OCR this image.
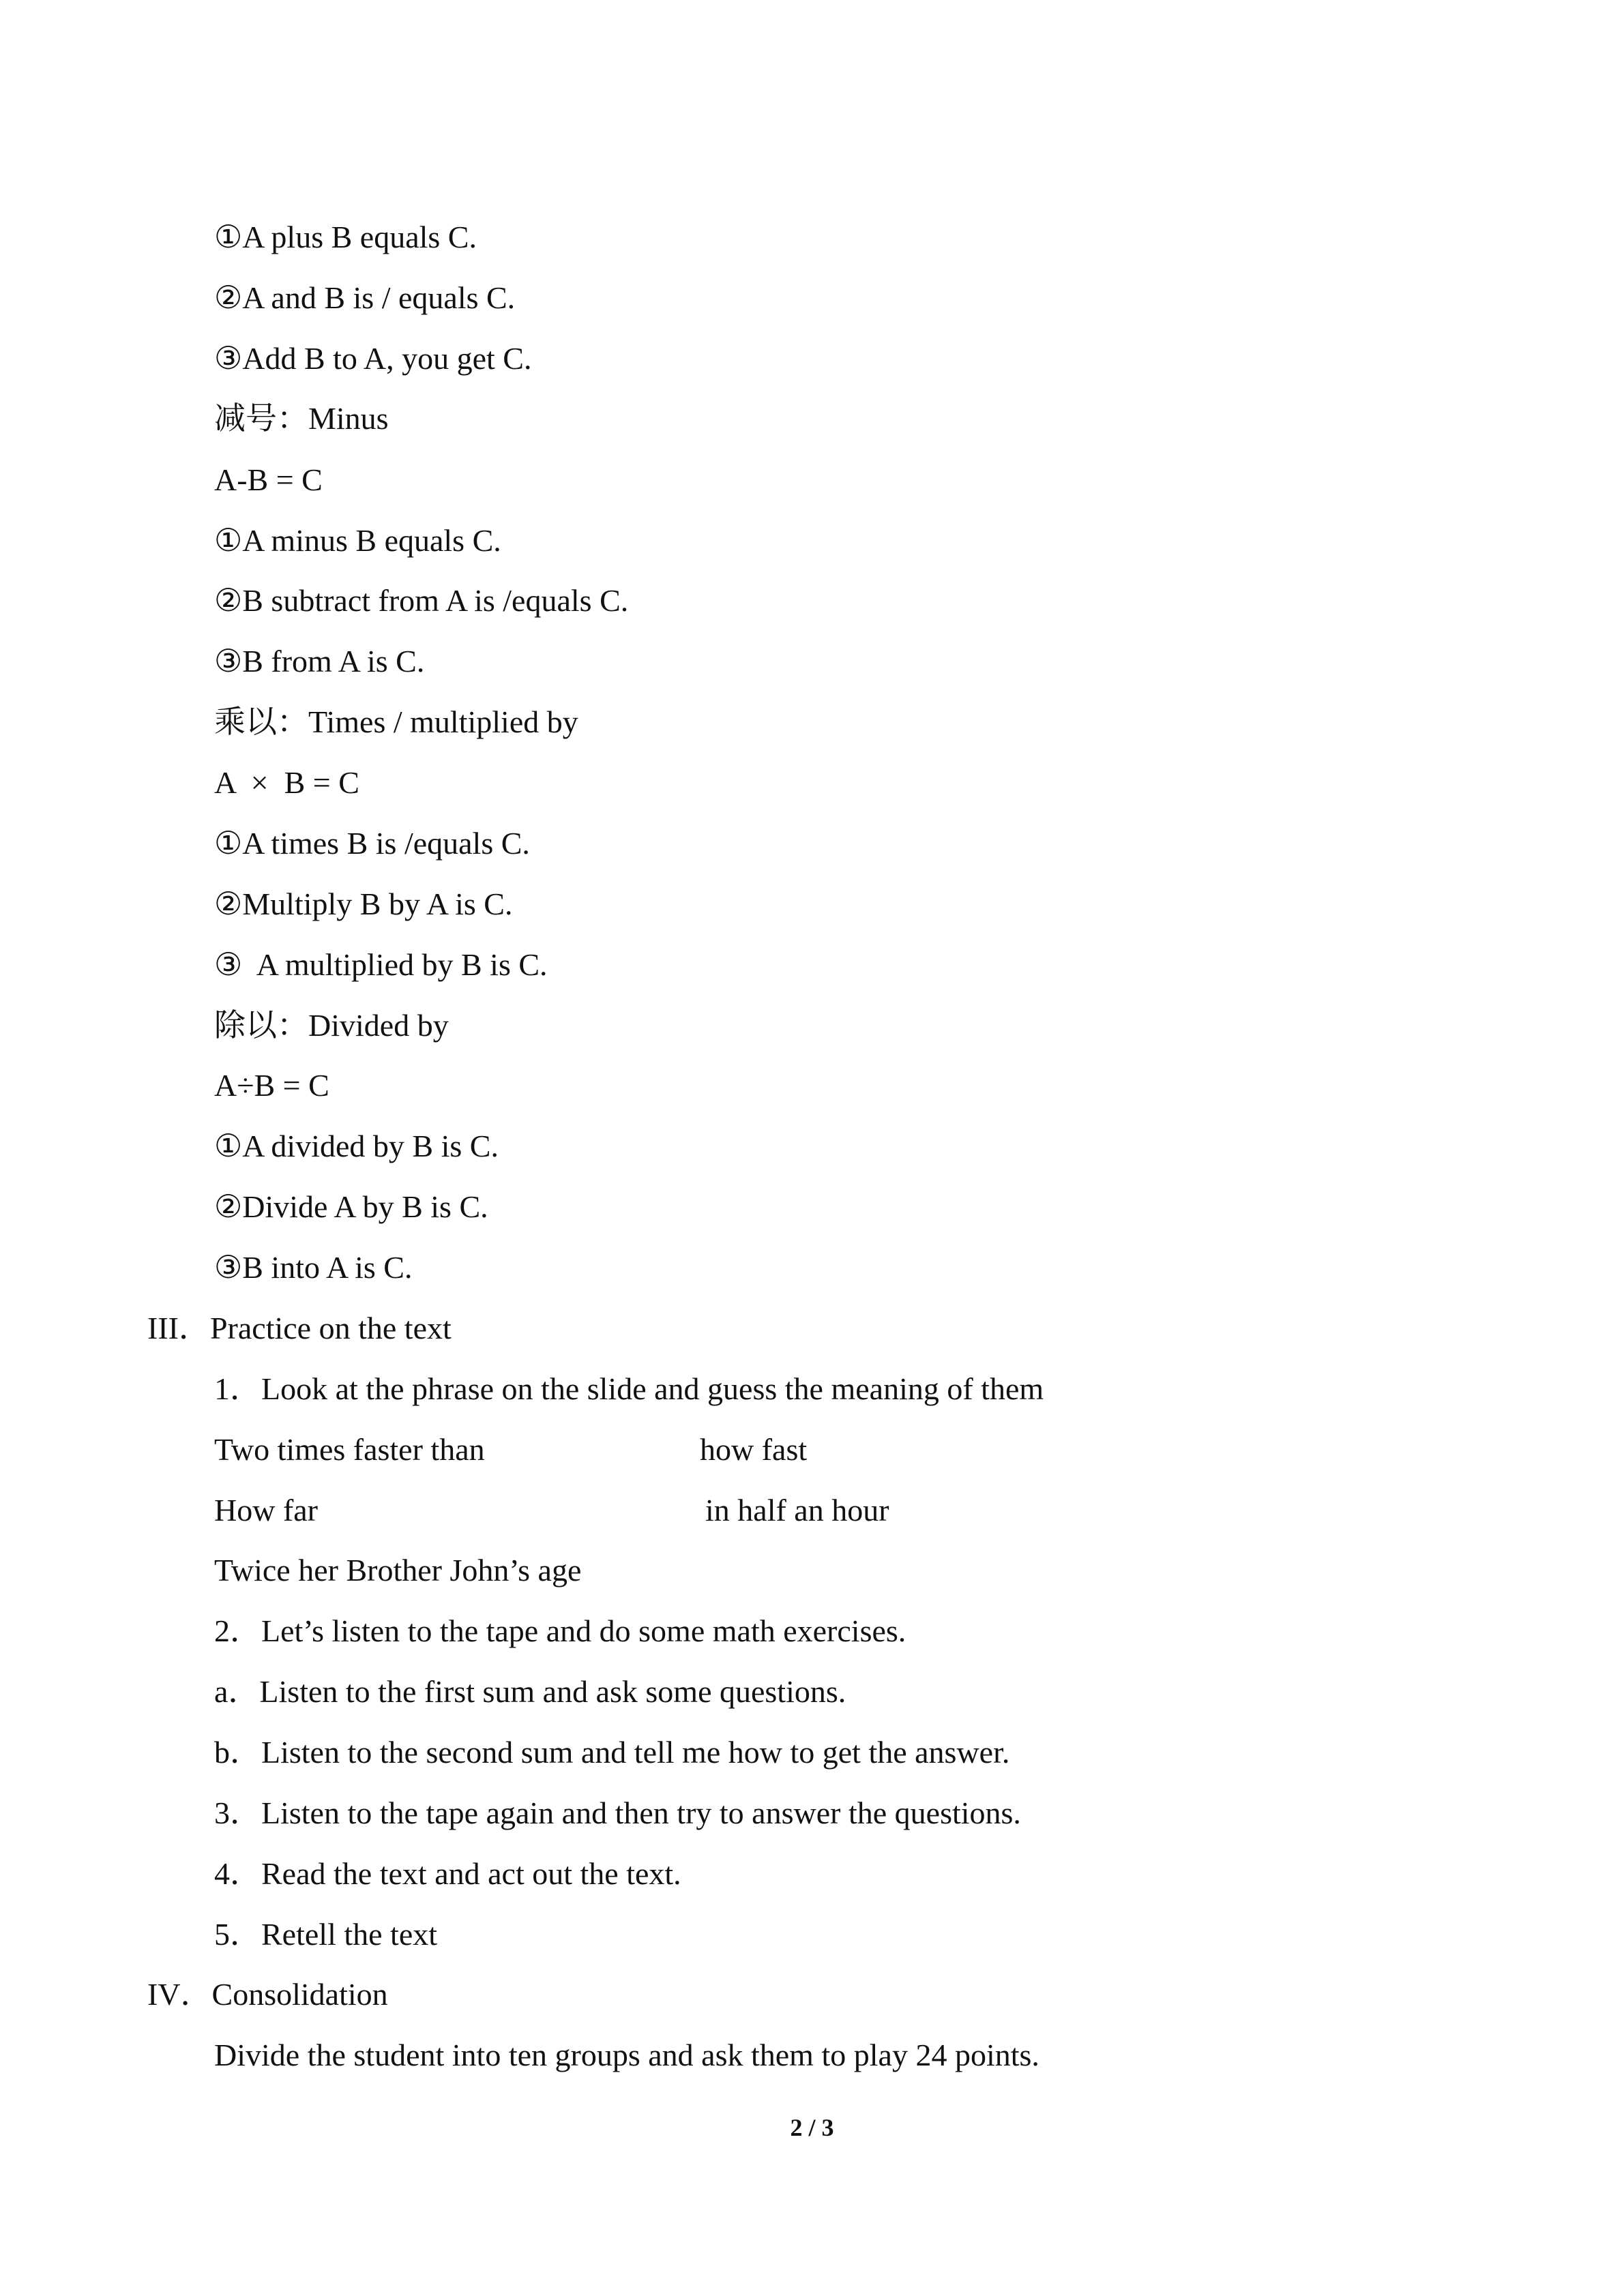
①A plus B equals C.
②A and B is / equals C.
③Add B to A, you get C.
减号：Minus
A-B = C
①A minus B equals C.
②B subtract from A is /equals C.
③B from A is C.
乘以：Times / multiplied by
A  ×  B = C
①A times B is /equals C.
②Multiply B by A is C.
③  A multiplied by B is C.
除以：Divided by
A÷B = C
①A divided by B is C.
②Divide A by B is C.
③B into A is C.
III．Practice on the text
1．Look at the phrase on the slide and guess the meaning of them
Two times faster than	how fast
How far	in half an hour
Twice her Brother John’s age
2．Let’s listen to the tape and do some math exercises.
a．Listen to the first sum and ask some questions.
b．Listen to the second sum and tell me how to get the answer.
3．Listen to the tape again and then try to answer the questions.
4．Read the text and act out the text.
5．Retell the text
IV．Consolidation
Divide the student into ten groups and ask them to play 24 points.
2 / 3
